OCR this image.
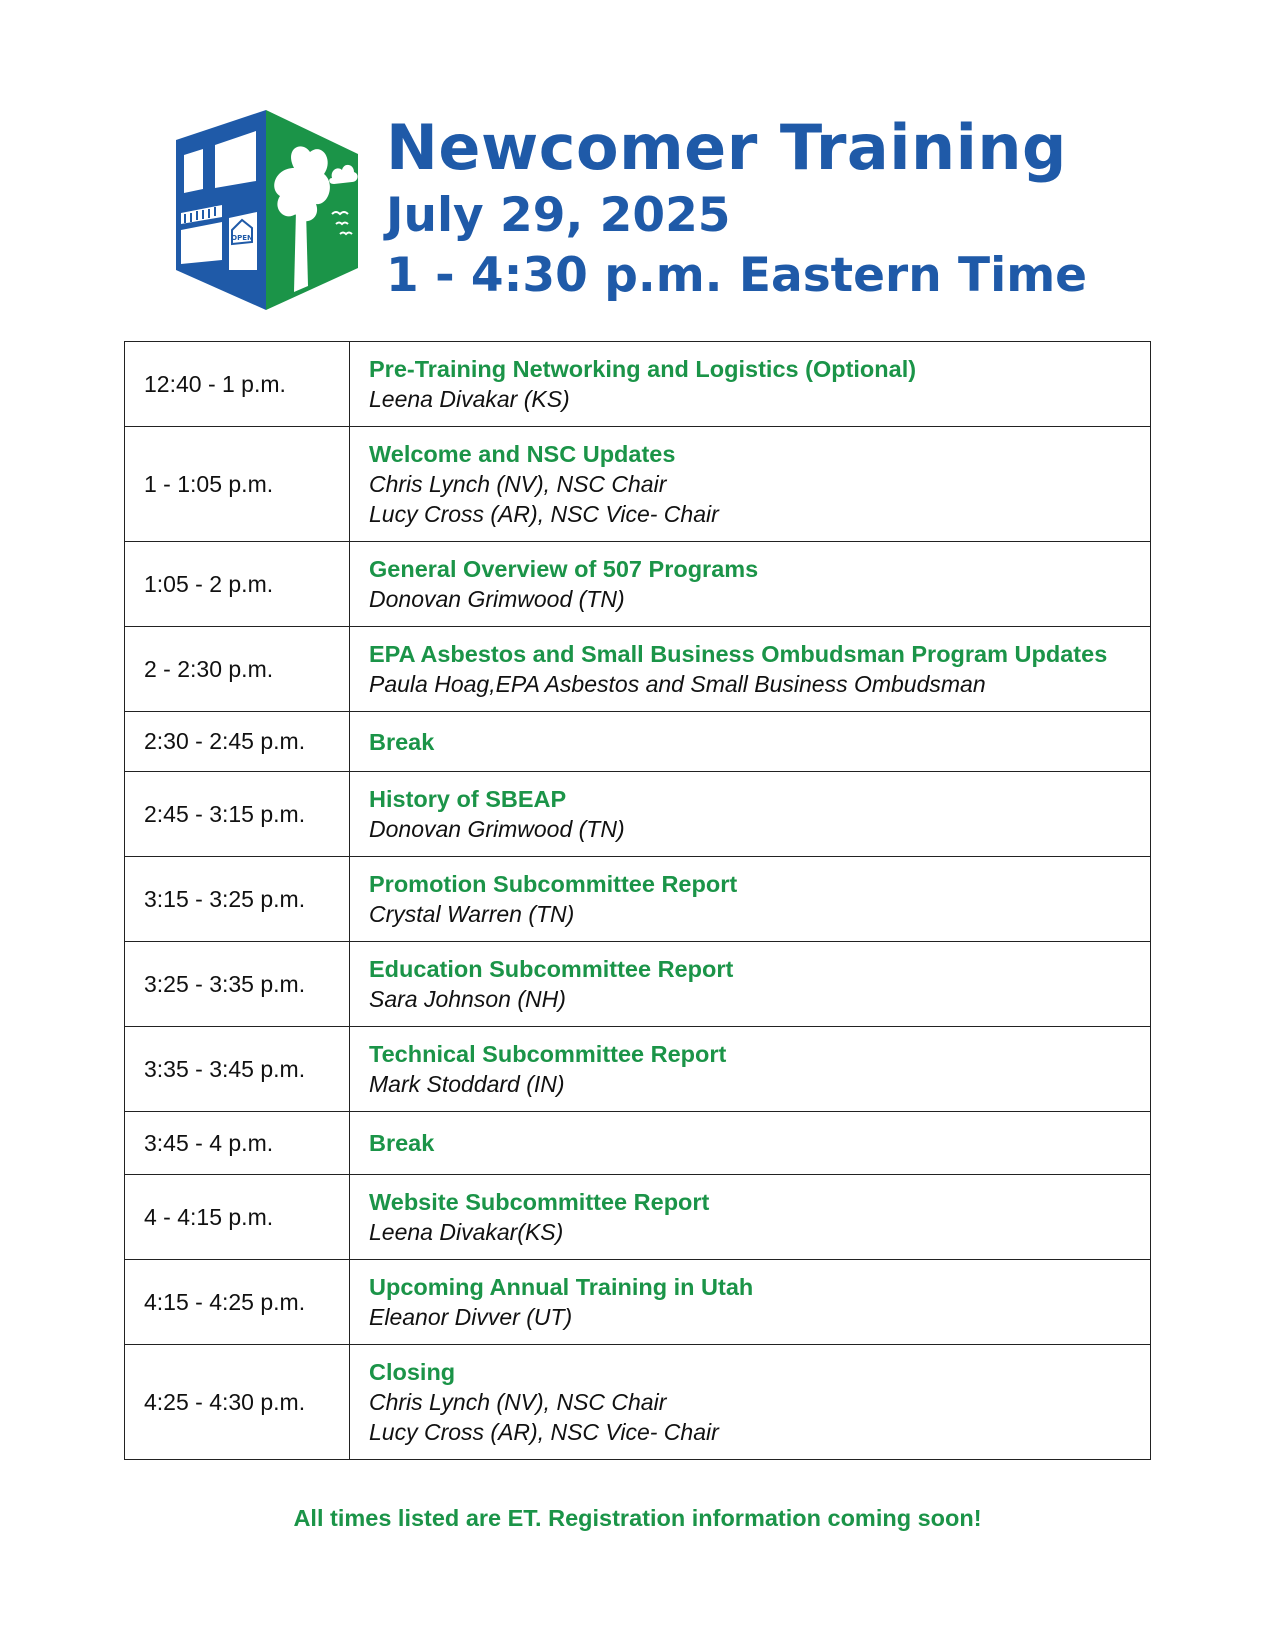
OPEN
Newcomer Training
July 29, 2025
1 - 4:30 p.m. Eastern Time
12:40 - 1 p.m.	Pre-Training Networking and Logistics (Optional)
Leena Divakar (KS)

1 - 1:05 p.m.	Welcome and NSC Updates
Chris Lynch (NV), NSC Chair
Lucy Cross (AR), NSC Vice- Chair

1:05 - 2 p.m.	General Overview of 507 Programs
Donovan Grimwood (TN)

2 - 2:30 p.m.	EPA Asbestos and Small Business Ombudsman Program Updates
Paula Hoag,EPA Asbestos and Small Business Ombudsman

2:30 - 2:45 p.m.	Break

2:45 - 3:15 p.m.	History of SBEAP
Donovan Grimwood (TN)

3:15 - 3:25 p.m.	Promotion Subcommittee Report
Crystal Warren (TN)

3:25 - 3:35 p.m.	Education Subcommittee Report
Sara Johnson (NH)

3:35 - 3:45 p.m.	Technical Subcommittee Report
Mark Stoddard (IN)

3:45 - 4 p.m.	Break

4 - 4:15 p.m.	Website Subcommittee Report
Leena Divakar(KS)

4:15 - 4:25 p.m.	Upcoming Annual Training in Utah
Eleanor Divver (UT)

4:25 - 4:30 p.m.	Closing
Chris Lynch (NV), NSC Chair
Lucy Cross (AR), NSC Vice- Chair
All times listed are ET. Registration information coming soon!
